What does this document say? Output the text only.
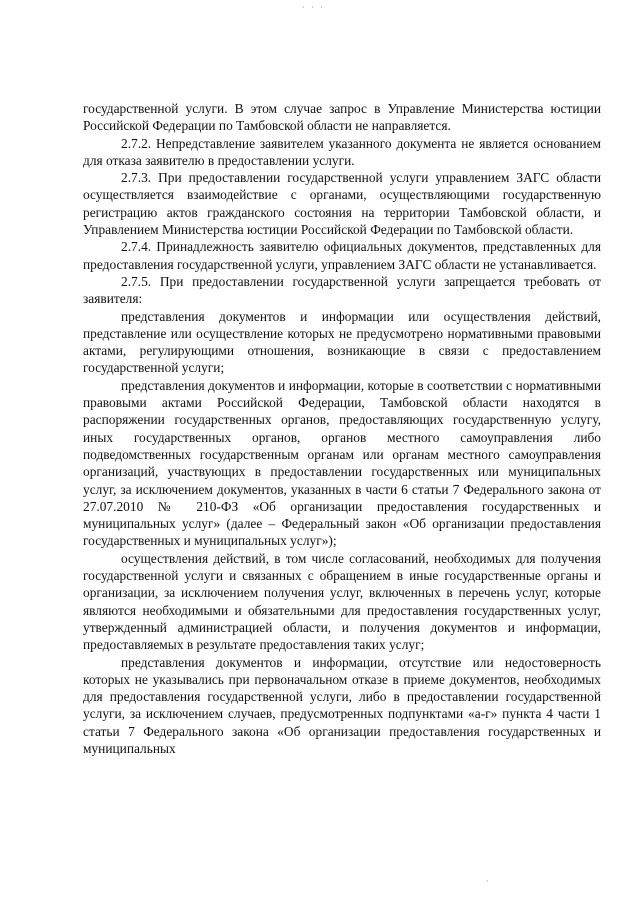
· · ·

государственной услуги. В этом случае запрос в Управление Министерства юстиции Российской Федерации по Тамбовской области не направляется.

2.7.2. Непредставление заявителем указанного документа не является основанием для отказа заявителю в предоставлении услуги.

2.7.3. При предоставлении государственной услуги управлением ЗАГС области осуществляется взаимодействие с органами, осуществляющими государственную регистрацию актов гражданского состояния на территории Тамбовской области, и Управлением Министерства юстиции Российской Федерации по Тамбовской области.

2.7.4. Принадлежность заявителю официальных документов, представленных для предоставления государственной услуги, управлением ЗАГС области не устанавливается.

2.7.5. При предоставлении государственной услуги запрещается требовать от заявителя:

представления документов и информации или осуществления действий, представление или осуществление которых не предусмотрено нормативными правовыми актами, регулирующими отношения, возникающие в связи с предоставлением государственной услуги;

представления документов и информации, которые в соответствии с нормативными правовыми актами Российской Федерации, Тамбовской области находятся в распоряжении государственных органов, предоставляющих государственную услугу, иных государственных органов, органов местного самоуправления либо подведомственных государственным органам или органам местного самоуправления организаций, участвующих в предоставлении государственных или муниципальных услуг, за исключением документов, указанных в части 6 статьи 7 Федерального закона от 27.07.2010 № 210-ФЗ «Об организации предоставления государственных и муниципальных услуг» (далее – Федеральный закон «Об организации предоставления государственных и муниципальных услуг»);

осуществления действий, в том числе согласований, необходимых для получения государственной услуги и связанных с обращением в иные государственные органы и организации, за исключением получения услуг, включенных в перечень услуг, которые являются необходимыми и обязательными для предоставления государственных услуг, утвержденный администрацией области, и получения документов и информации, предоставляемых в результате предоставления таких услуг;

представления документов и информации, отсутствие или недостоверность которых не указывались при первоначальном отказе в приеме документов, необходимых для предоставления государственной услуги, либо в предоставлении государственной услуги, за исключением случаев, предусмотренных подпунктами «а-г» пункта 4 части 1 статьи 7 Федерального закона «Об организации предоставления государственных и муниципальных

·
